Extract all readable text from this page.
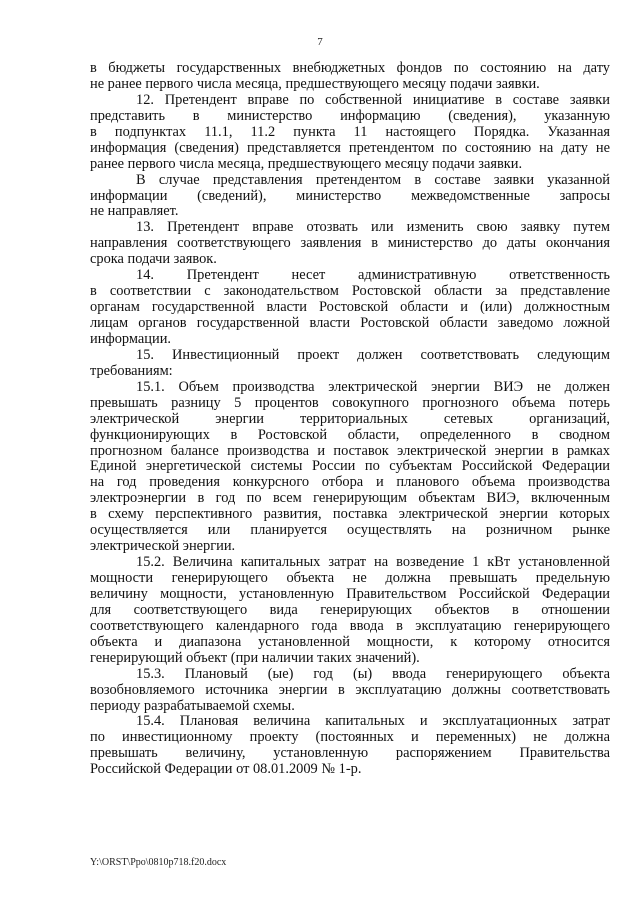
7
в бюджеты государственных внебюджетных фондов по состоянию на дату
не ранее первого числа месяца, предшествующего месяцу подачи заявки.
12. Претендент вправе по собственной инициативе в составе заявки
представить в министерство информацию (сведения), указанную
в подпунктах 11.1, 11.2 пункта 11 настоящего Порядка. Указанная
информация (сведения) представляется претендентом по состоянию на дату не
ранее первого числа месяца, предшествующего месяцу подачи заявки.
В случае представления претендентом в составе заявки указанной
информации (сведений), министерство межведомственные запросы
не направляет.
13. Претендент вправе отозвать или изменить свою заявку путем
направления соответствующего заявления в министерство до даты окончания
срока подачи заявок.
14. Претендент несет административную ответственность
в соответствии с законодательством Ростовской области за представление
органам государственной власти Ростовской области и (или) должностным
лицам органов государственной власти Ростовской области заведомо ложной
информации.
15. Инвестиционный проект должен соответствовать следующим
требованиям:
15.1. Объем производства электрической энергии ВИЭ не должен
превышать разницу 5 процентов совокупного прогнозного объема потерь
электрической энергии территориальных сетевых организаций,
функционирующих в Ростовской области, определенного в сводном
прогнозном балансе производства и поставок электрической энергии в рамках
Единой энергетической системы России по субъектам Российской Федерации
на год проведения конкурсного отбора и планового объема производства
электроэнергии в год по всем генерирующим объектам ВИЭ, включенным
в схему перспективного развития, поставка электрической энергии которых
осуществляется или планируется осуществлять на розничном рынке
электрической энергии.
15.2. Величина капитальных затрат на возведение 1 кВт установленной
мощности генерирующего объекта не должна превышать предельную
величину мощности, установленную Правительством Российской Федерации
для соответствующего вида генерирующих объектов в отношении
соответствующего календарного года ввода в эксплуатацию генерирующего
объекта и диапазона установленной мощности, к которому относится
генерирующий объект (при наличии таких значений).
15.3. Плановый (ые) год (ы) ввода генерирующего объекта
возобновляемого источника энергии в эксплуатацию должны соответствовать
периоду разрабатываемой схемы.
15.4. Плановая величина капитальных и эксплуатационных затрат
по инвестиционному проекту (постоянных и переменных) не должна
превышать величину, установленную распоряжением Правительства
Российской Федерации от 08.01.2009 № 1-р.
Y:\ORST\Ppo\0810p718.f20.docx
